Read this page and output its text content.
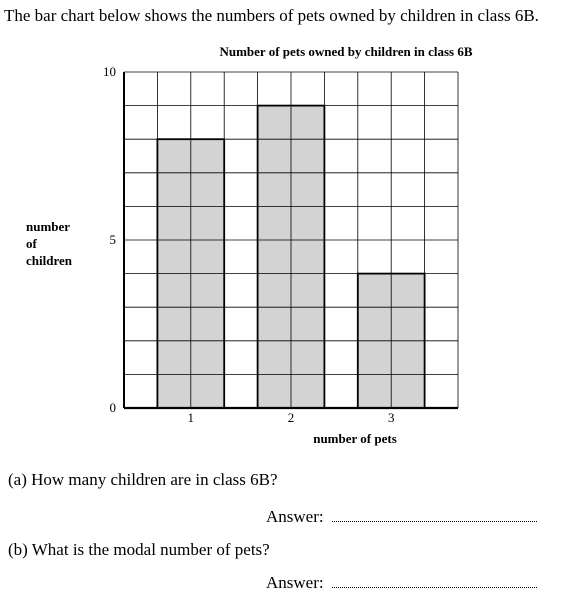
The bar chart below shows the numbers of pets owned by children in class 6B.
Number of pets owned by children in class 6B
0
5
10
1	2	3
number
of
children
number of pets
(a) How many children are in class 6B?
Answer:
(b) What is the modal number of pets?
Answer:
